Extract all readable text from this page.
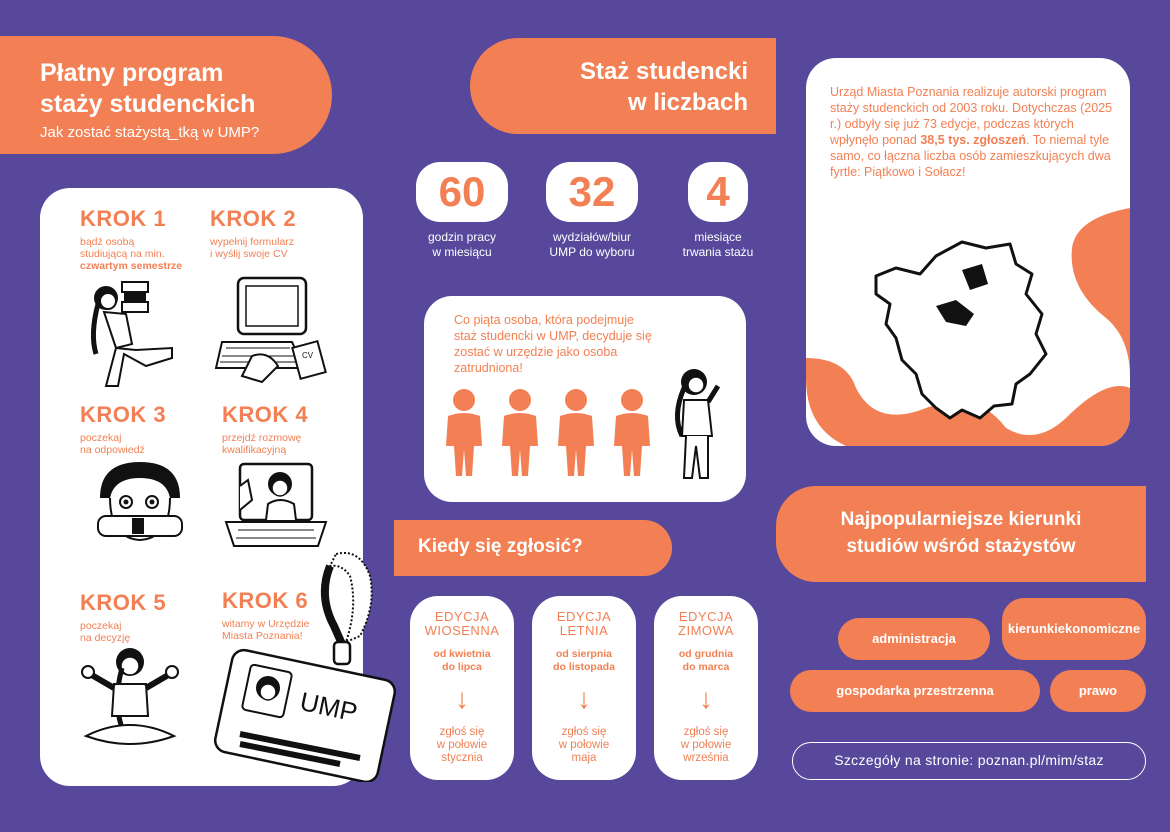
Płatny program
staży studenckich
Jak zostać stażystą_tką w UMP?
KROK 1
bądź osobą
studiującą na min.
czwartym semestrze
KROK 2
wypełnij formularz
i wyślij swoje CV
KROK 3
poczekaj
na odpowiedź
KROK 4
przejdź rozmowę
kwalifikacyjną
KROK 5
poczekaj
na decyzję
KROK 6
witamy w Urzędzie
Miasta Poznania!
CV
UMP
Staż studencki
w liczbach
60
godzin pracy
w miesiącu
32
wydziałów/biur
UMP do wyboru
4
miesiące
trwania stażu
Urząd Miasta Poznania realizuje autorski program staży studenckich od 2003 roku. Dotychczas (2025 r.) odbyły się już 73 edycje, podczas których wpłynęło ponad 38,5 tys. zgłoszeń. To niemal tyle samo, co łączna liczba osób zamieszkujących dwa fyrtle: Piątkowo i Sołacz!
Co piąta osoba, która podejmuje staż studencki w UMP, decyduje się zostać w urzędzie jako osoba zatrudniona!
Kiedy się zgłosić?
EDYCJA
WIOSENNA
od kwietnia
do lipca
↓
zgłoś się
w połowie
stycznia
EDYCJA
LETNIA
od sierpnia
do listopada
↓
zgłoś się
w połowie
maja
EDYCJA
ZIMOWA
od grudnia
do marca
↓
zgłoś się
w połowie
września
Najpopularniejsze kierunki
studiów wśród stażystów
administracja
kierunki ekonomiczne
gospodarka przestrzenna	prawo
Szczegóły na stronie: poznan.pl/mim/staz
